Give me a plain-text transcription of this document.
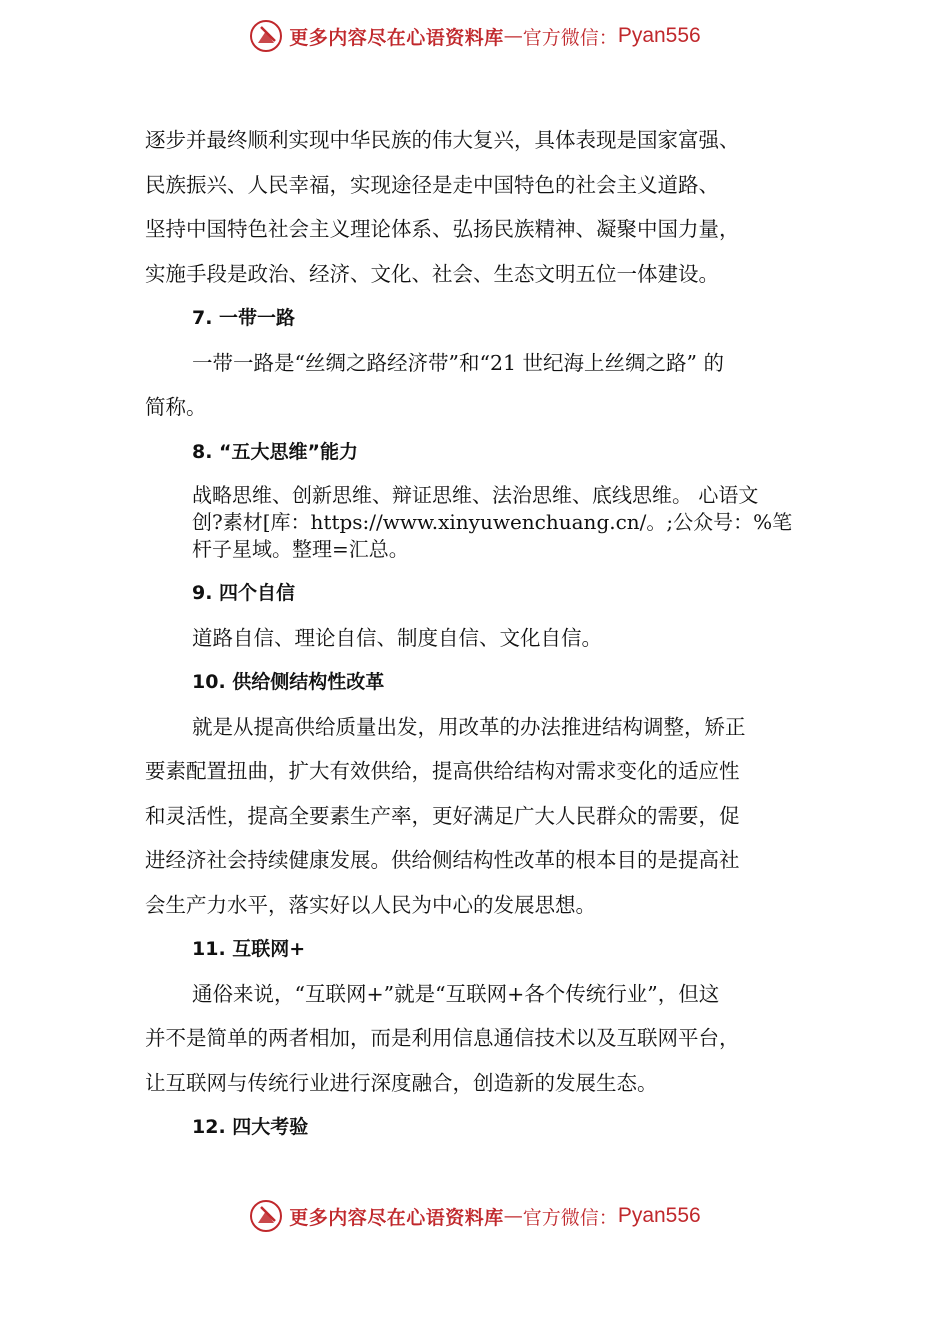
更多内容尽在心语资料库 — 官方微信： Pyan556

逐步并最终顺利实现中华民族的伟大复兴，具体表现是国家富强、

民族振兴、人民幸福，实现途径是走中国特色的社会主义道路、

坚持中国特色社会主义理论体系、弘扬民族精神、凝聚中国力量，

实施手段是政治、经济、文化、社会、生态文明五位一体建设。

7. 一带一路

一带一路是“丝绸之路经济带”和“21 世纪海上丝绸之路” 的

简称。

8. “五大思维”能力
战略思维、创新思维、辩证思维、法治思维、底线思维。 心语文
创?素材[库：https://www.xinyuwenchuang.cn/。;公众号：%笔
杆子星域。整理=汇总。
9. 四个自信

道路自信、理论自信、制度自信、文化自信。

10. 供给侧结构性改革

就是从提高供给质量出发，用改革的办法推进结构调整，矫正

要素配置扭曲，扩大有效供给，提高供给结构对需求变化的适应性

和灵活性，提高全要素生产率，更好满足广大人民群众的需要，促

进经济社会持续健康发展。供给侧结构性改革的根本目的是提高社

会生产力水平，落实好以人民为中心的发展思想。

11. 互联网+

通俗来说，“互联网+”就是“互联网+各个传统行业”，但这

并不是简单的两者相加，而是利用信息通信技术以及互联网平台，

让互联网与传统行业进行深度融合，创造新的发展生态。

12. 四大考验
更多内容尽在心语资料库 — 官方微信： Pyan556
